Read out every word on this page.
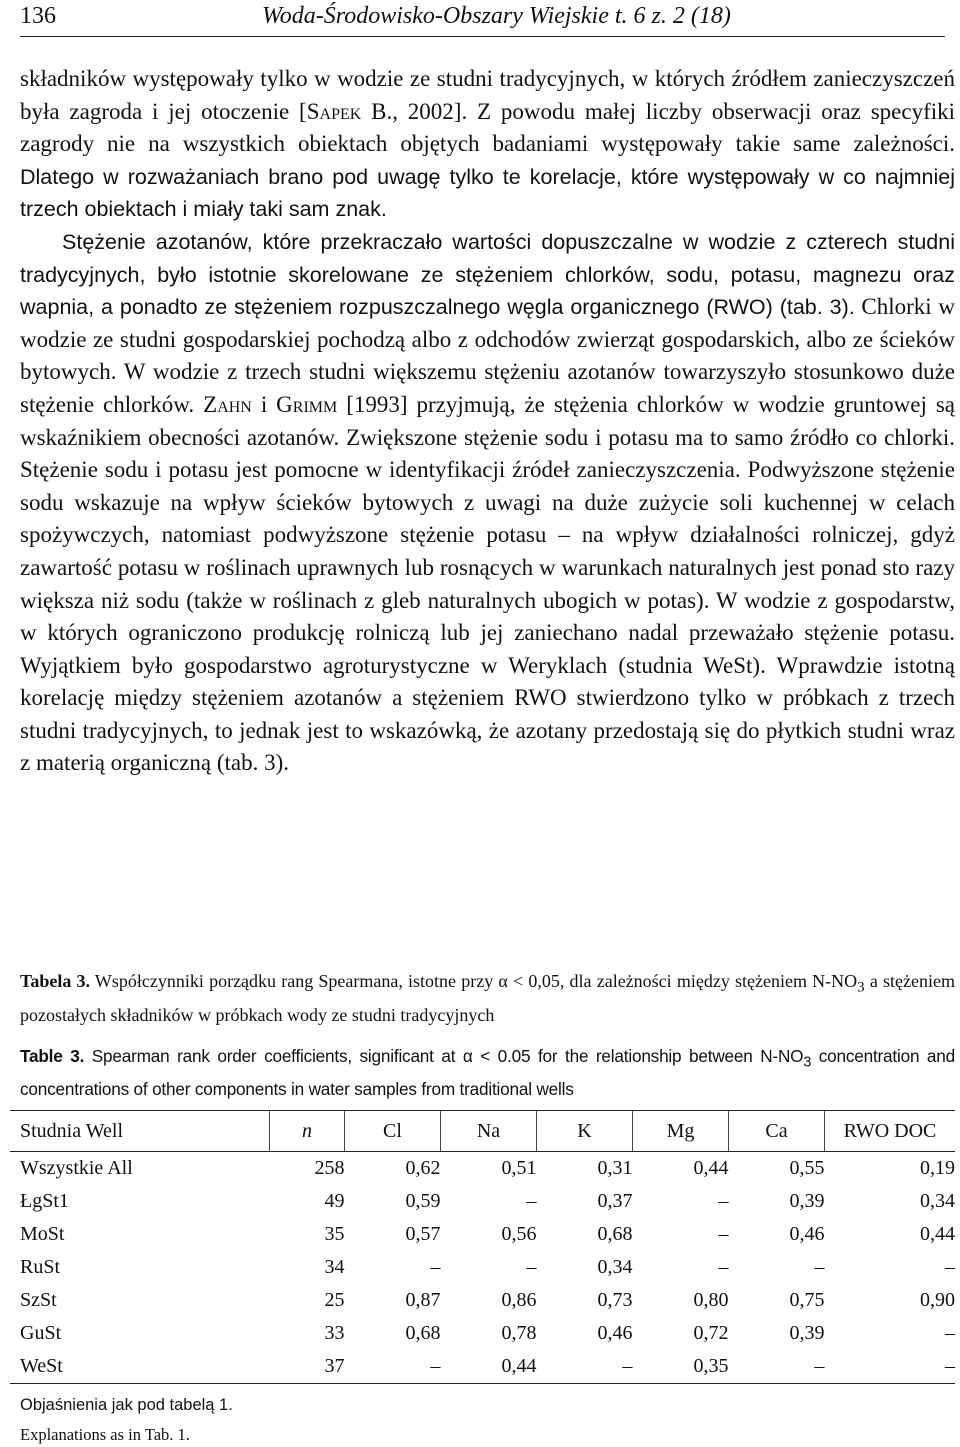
136	Woda-Środowisko-Obszary Wiejskie t. 6 z. 2 (18)

składników występowały tylko w wodzie ze studni tradycyjnych, w których źródłem zanieczyszczeń była zagroda i jej otoczenie [Sapek B., 2002]. Z powodu małej liczby obserwacji oraz specyfiki zagrody nie na wszystkich obiektach objętych badaniami występowały takie same zależności. Dlatego w rozważaniach brano pod uwagę tylko te korelacje, które występowały w co najmniej trzech obiektach i miały taki sam znak.

Stężenie azotanów, które przekraczało wartości dopuszczalne w wodzie z czterech studni tradycyjnych, było istotnie skorelowane ze stężeniem chlorków, sodu, potasu, magnezu oraz wapnia, a ponadto ze stężeniem rozpuszczalnego węgla organicznego (RWO) (tab. 3). Chlorki w wodzie ze studni gospodarskiej pochodzą albo z odchodów zwierząt gospodarskich, albo ze ścieków bytowych. W wodzie z trzech studni większemu stężeniu azotanów towarzyszyło stosunkowo duże stężenie chlorków. Zahn i Grimm [1993] przyjmują, że stężenia chlorków w wodzie gruntowej są wskaźnikiem obecności azotanów. Zwiększone stężenie sodu i potasu ma to samo źródło co chlorki. Stężenie sodu i potasu jest pomocne w identyfikacji źródeł zanieczyszczenia. Podwyższone stężenie sodu wskazuje na wpływ ścieków bytowych z uwagi na duże zużycie soli kuchennej w celach spożywczych, natomiast podwyższone stężenie potasu – na wpływ działalności rolniczej, gdyż zawartość potasu w roślinach uprawnych lub rosnących w warunkach naturalnych jest ponad sto razy większa niż sodu (także w roślinach z gleb naturalnych ubogich w potas). W wodzie z gospodarstw, w których ograniczono produkcję rolniczą lub jej zaniechano nadal przeważało stężenie potasu. Wyjątkiem było gospodarstwo agroturystyczne w Weryklach (studnia WeSt). Wprawdzie istotną korelację między stężeniem azotanów a stężeniem RWO stwierdzono tylko w próbkach z trzech studni tradycyjnych, to jednak jest to wskazówką, że azotany przedostają się do płytkich studni wraz z materią organiczną (tab. 3).

Tabela 3. Współczynniki porządku rang Spearmana, istotne przy α < 0,05, dla zależności między stężeniem $N-NO_3$ a stężeniem pozostałych składników w próbkach wody ze studni tradycyjnych
Table 3. Spearman rank order coefficients, significant at α < 0.05 for the relationship between $N-NO_3$ concentration and concentrations of other components in water samples from traditional wells
Studnia Well	n	Cl	Na	K	Mg	Ca	RWO DOC
Wszystkie All	258	0,62	0,51	0,31	0,44	0,55	0,19
ŁgSt1	49	0,59	–	0,37	–	0,39	0,34
MoSt	35	0,57	0,56	0,68	–	0,46	0,44
RuSt	34	–	–	0,34	–	–	–
SzSt	25	0,87	0,86	0,73	0,80	0,75	0,90
GuSt	33	0,68	0,78	0,46	0,72	0,39	–
WeSt	37	–	0,44	–	0,35	–	–
Objaśnienia jak pod tabelą 1.
Explanations as in Tab. 1.
